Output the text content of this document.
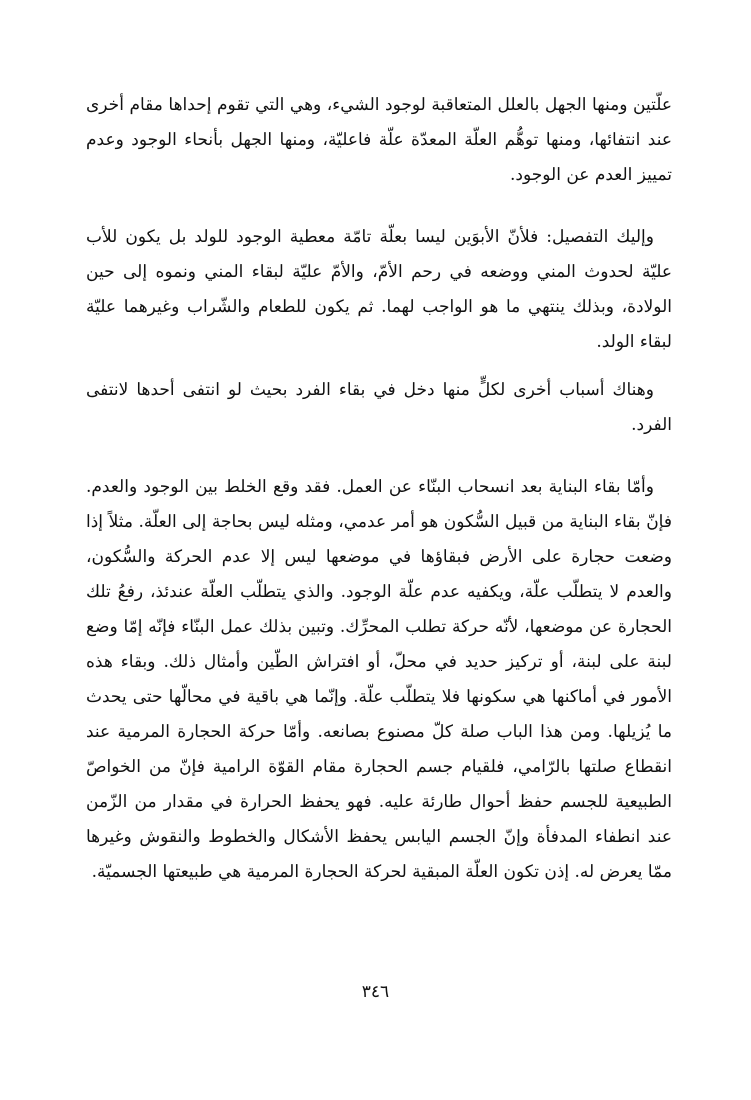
علّتين ومنها الجهل بالعلل المتعاقبة لوجود الشيء، وهي التي تقوم إحداها مقام أخرى عند انتفائها، ومنها توهُّم العلّة المعدّة علّة فاعليّة، ومنها الجهل بأنحاء الوجود وعدم تمييز العدم عن الوجود.

وإليك التفصيل: فلأنّ الأبوَين ليسا بعلّة تامّة معطية الوجود للولد بل يكون للأب عليّة لحدوث المني ووضعه في رحم الأمّ، والأمّ عليّة لبقاء المني ونموه إلى حين الولادة، وبذلك ينتهي ما هو الواجب لهما. ثم يكون للطعام والشّراب وغيرهما عليّة لبقاء الولد.

وهناك أسباب أخرى لكلٍّ منها دخل في بقاء الفرد بحيث لو انتفى أحدها لانتفى الفرد.

وأمّا بقاء البناية بعد انسحاب البنّاء عن العمل. فقد وقع الخلط بين الوجود والعدم. فإنّ بقاء البناية من قبيل السُّكون هو أمر عدمي، ومثله ليس بحاجة إلى العلّة. مثلاً إذا وضعت حجارة على الأرض فبقاؤها في موضعها ليس إلا عدم الحركة والسُّكون، والعدم لا يتطلّب علّة، ويكفيه عدم علّة الوجود. والذي يتطلّب العلّة عندئذ، رفعُ تلك الحجارة عن موضعها، لأنّه حركة تطلب المحرِّك. وتبين بذلك عمل البنّاء فإنّه إمّا وضع لبنة على لبنة، أو تركيز حديد في محلّ، أو افتراش الطّين وأمثال ذلك. وبقاء هذه الأمور في أماكنها هي سكونها فلا يتطلّب علّة. وإنّما هي باقية في محالّها حتى يحدث ما يُزيلها. ومن هذا الباب صلة كلّ مصنوع بصانعه. وأمّا حركة الحجارة المرمية عند انقطاع صلتها بالرّامي، فلقيام جسم الحجارة مقام القوّة الرامية فإنّ من الخواصّ الطبيعية للجسم حفظ أحوال طارئة عليه. فهو يحفظ الحرارة في مقدار من الزّمن عند انطفاء المدفأة وإنّ الجسم اليابس يحفظ الأشكال والخطوط والنقوش وغيرها ممّا يعرض له. إذن تكون العلّة المبقية لحركة الحجارة المرمية هي طبيعتها الجسميّة.

٣٤٦
